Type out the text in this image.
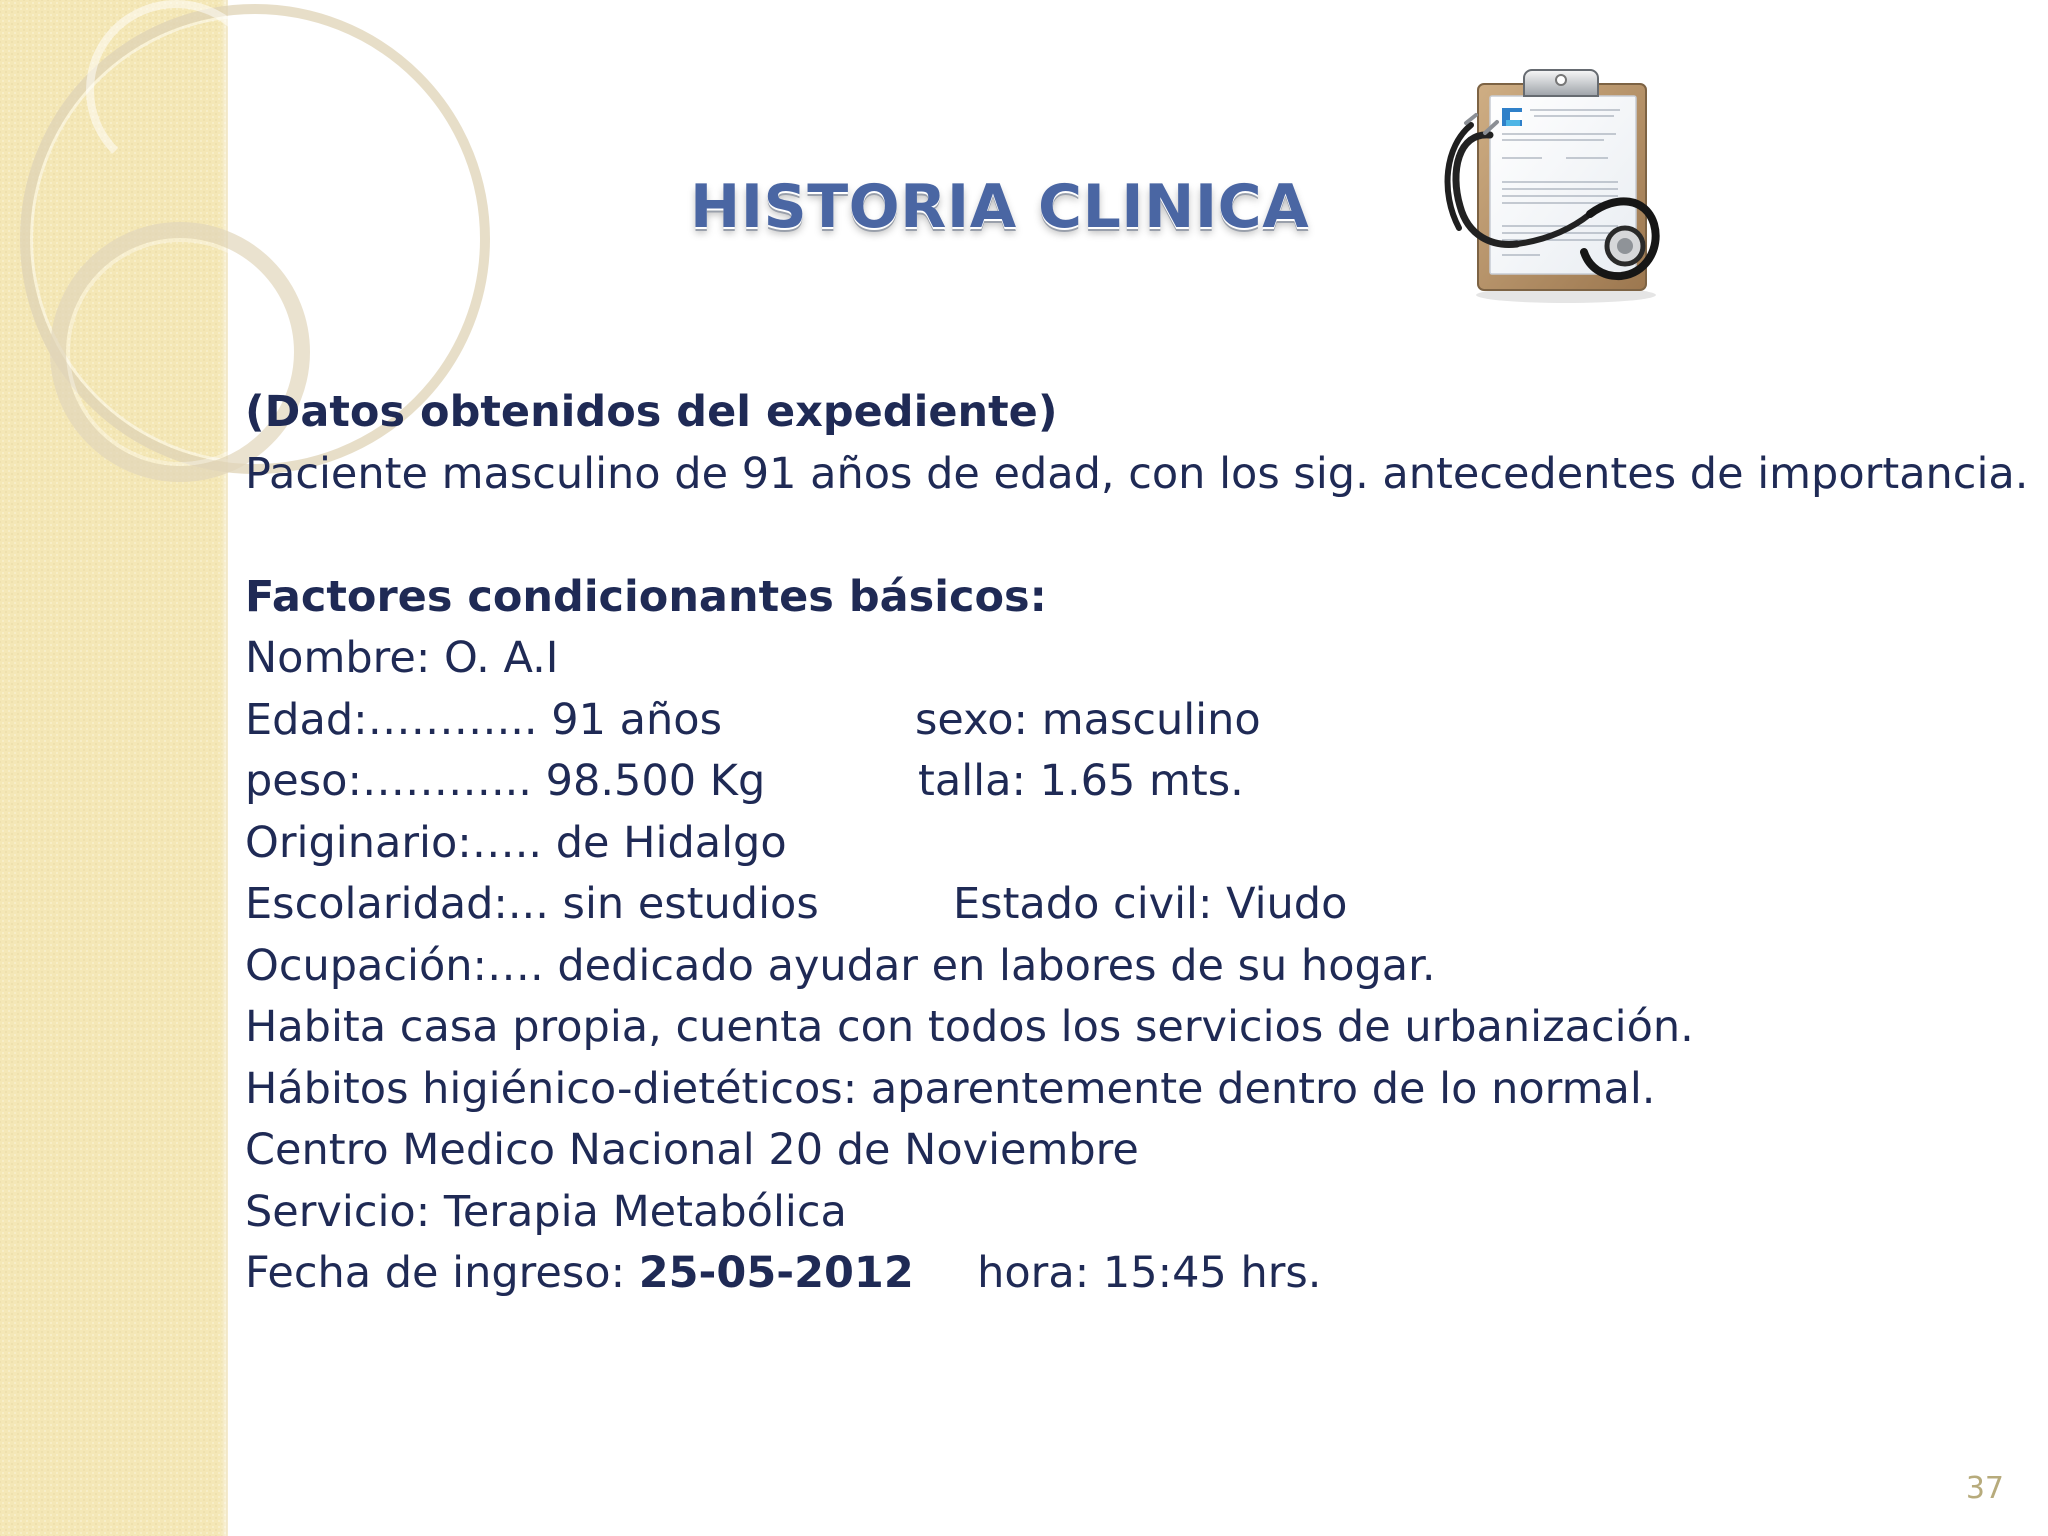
HISTORIA CLINICA

(Datos obtenidos del expediente)

Paciente masculino de 91 años de edad, con los sig. antecedentes de importancia.

Factores condicionantes básicos:

Nombre: O. A.I

Edad:………... 91 años	sexo: masculino

peso:………... 98.500 Kg	talla: 1.65 mts.

Originario:….. de Hidalgo

Escolaridad:... sin estudios	Estado civil: Viudo

Ocupación:…. dedicado ayudar en labores de su hogar.

Habita casa propia, cuenta con todos los servicios de urbanización.

Hábitos higiénico-dietéticos: aparentemente dentro de lo normal.

Centro Medico Nacional 20 de Noviembre

Servicio: Terapia Metabólica

Fecha de ingreso: 25-05-2012 hora: 15:45 hrs.

37
